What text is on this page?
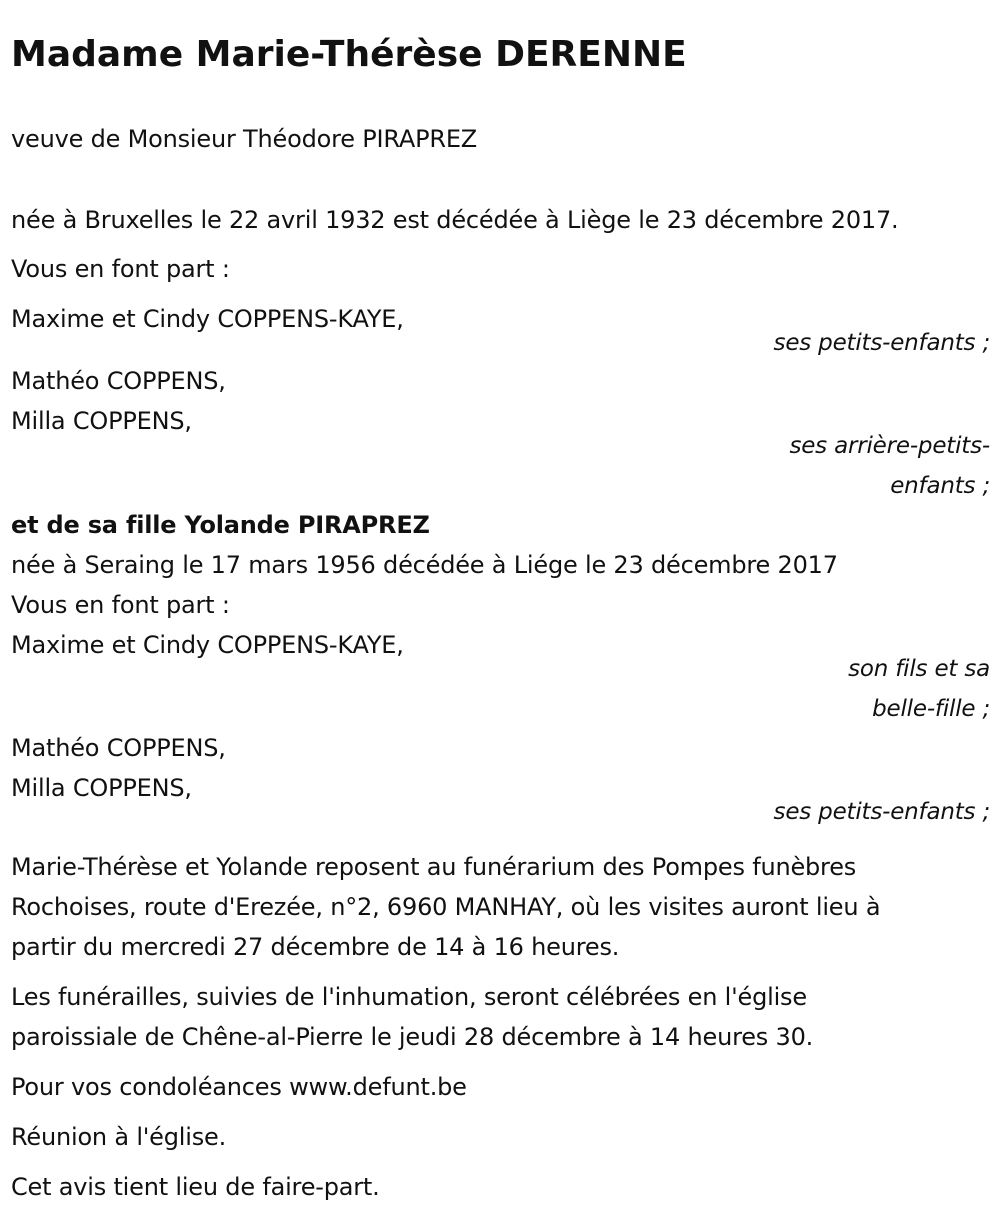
Madame Marie-Thérèse DERENNE
veuve de Monsieur Théodore PIRAPREZ
née à Bruxelles le 22 avril 1932 est décédée à Liège le 23 décembre 2017.
Vous en font part :
Maxime et Cindy COPPENS-KAYE,
ses petits-enfants ;
Mathéo COPPENS,
Milla COPPENS,
ses arrière-petits-
enfants ;
et de sa fille Yolande PIRAPREZ
née à Seraing le 17 mars 1956 décédée à Liége le 23 décembre 2017
Vous en font part :
Maxime et Cindy COPPENS-KAYE,
son fils et sa
belle-fille ;
Mathéo COPPENS,
Milla COPPENS,
ses petits-enfants ;
Marie-Thérèse et Yolande reposent au funérarium des Pompes funèbres
Rochoises, route d'Erezée, n°2, 6960 MANHAY, où les visites auront lieu à
partir du mercredi 27 décembre de 14 à 16 heures.
Les funérailles, suivies de l'inhumation, seront célébrées en l'église
paroissiale de Chêne-al-Pierre le jeudi 28 décembre à 14 heures 30.
Pour vos condoléances www.defunt.be
Réunion à l'église.
Cet avis tient lieu de faire-part.
